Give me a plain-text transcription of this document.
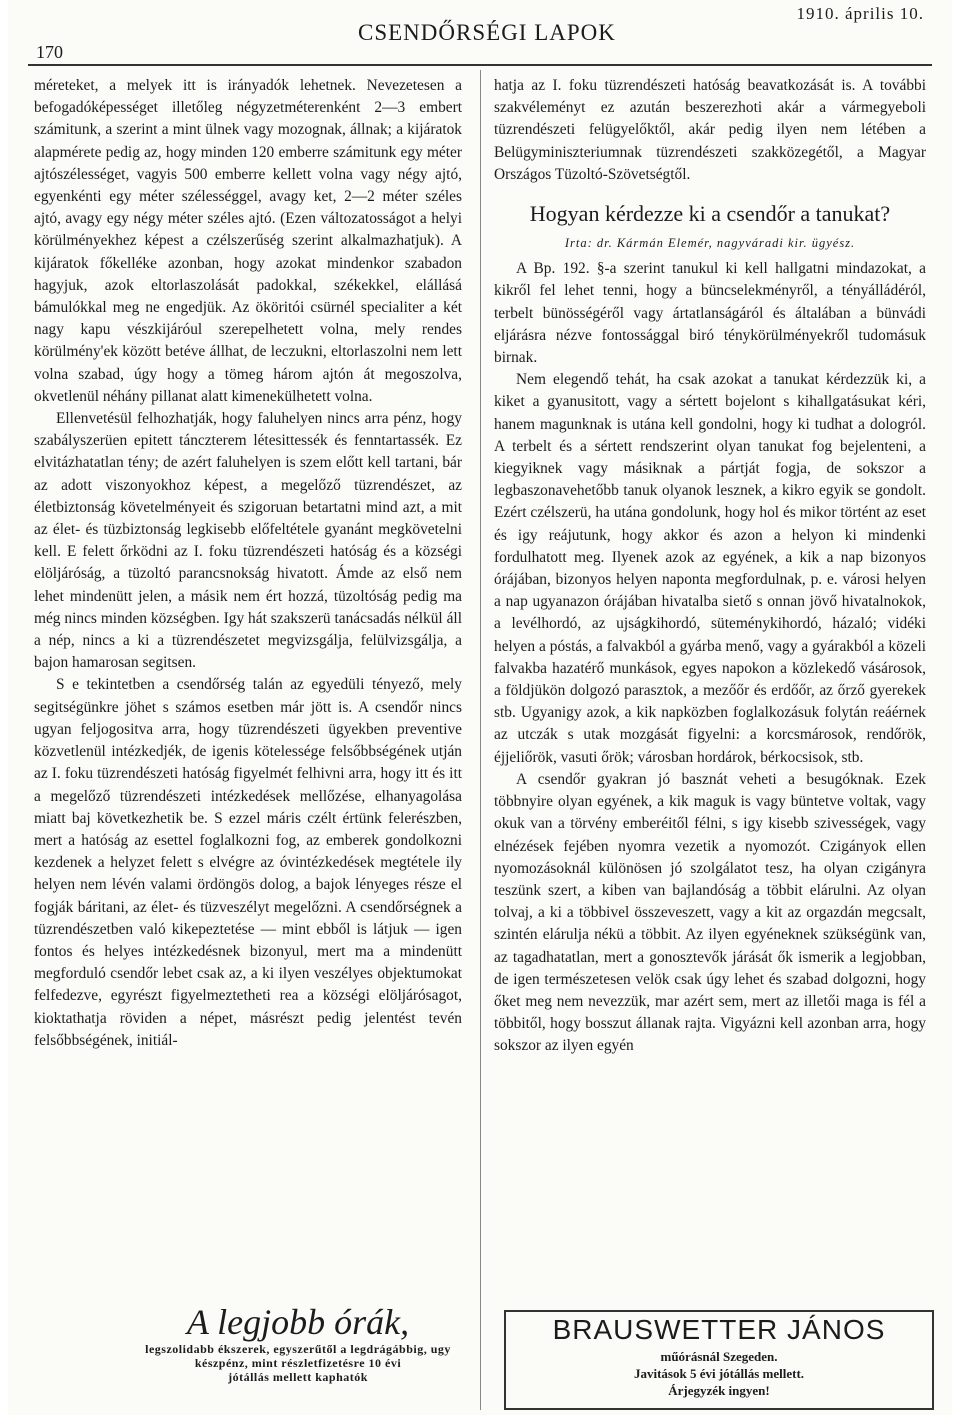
170
CSENDŐRSÉGI LAPOK
1910. április 10.

méreteket, a melyek itt is irányadók lehetnek. Nevezetesen a befogadóképességet illetőleg négyzetméterenként 2—3 embert számitunk, a szerint a mint ülnek vagy mozognak, állnak; a kijáratok alapmérete pedig az, hogy minden 120 emberre számitunk egy méter ajtószélességet, vagyis 500 emberre kellett volna vagy négy ajtó, egyenkénti egy méter szélességgel, avagy ket, 2—2 méter széles ajtó, avagy egy négy méter széles ajtó. (Ezen változatosságot a helyi körülményekhez képest a czélszerűség szerint alkalmazhatjuk). A kijáratok főkelléke azonban, hogy azokat mindenkor szabadon hagyjuk, azok eltorlaszolását padokkal, székekkel, elállásá bámulókkal meg ne engedjük. Az ököritói csürnél specialiter a két nagy kapu vészkijáróul szerepelhetett volna, mely rendes körülmény'ek között betéve állhat, de leczukni, eltorlaszolni nem lett volna szabad, úgy hogy a tömeg három ajtón át megoszolva, okvetlenül néhány pillanat alatt kimenekülhetett volna.

Ellenvetésül felhozhatják, hogy faluhelyen nincs arra pénz, hogy szabályszerüen epitett tánczterem létesittessék és fenntartassék. Ez elvitázhatatlan tény; de azért faluhelyen is szem előtt kell tartani, bár az adott viszonyokhoz képest, a megelőző tüzrendészet, az életbiztonság követelményeit és szigoruan betartatni mind azt, a mit az élet- és tüzbiztonság legkisebb előfeltétele gyanánt megkövetelni kell. E felett őrködni az I. foku tüzrendészeti hatóság és a községi elöljáróság, a tüzoltó parancsnokság hivatott. Ámde az első nem lehet mindenütt jelen, a másik nem ért hozzá, tüzoltóság pedig ma még nincs minden községben. Igy hát szakszerü tanácsadás nélkül áll a nép, nincs a ki a tüzrendészetet megvizsgálja, felülvizsgálja, a bajon hamarosan segitsen.

S e tekintetben a csendőrség talán az egyedüli tényező, mely segitségünkre jöhet s számos esetben már jött is. A csendőr nincs ugyan feljogositva arra, hogy tüzrendészeti ügyekben preventive közvetlenül intézkedjék, de igenis kötelessége felsőbbségének utján az I. foku tüzrendészeti hatóság figyelmét felhivni arra, hogy itt és itt a megelőző tüzrendészeti intézkedések mellőzése, elhanyagolása miatt baj következhetik be. S ezzel máris czélt értünk felerészben, mert a hatóság az esettel foglalkozni fog, az emberek gondolkozni kezdenek a helyzet felett s elvégre az óvintézkedések megtétele ily helyen nem lévén valami ördöngös dolog, a bajok lényeges része el fogják báritani, az élet- és tüzveszélyt megelőzni. A csendőrségnek a tüzrendészetben való kikepeztetése — mint ebből is látjuk — igen fontos és helyes intézkedésnek bizonyul, mert ma a mindenütt megforduló csendőr lebet csak az, a ki ilyen veszélyes objektumokat felfedezve, egyrészt figyelmeztetheti rea a községi elöljárósagot, kioktathatja röviden a népet, másrészt pedig jelentést tevén felsőbbségének, initiál-

hatja az I. foku tüzrendészeti hatóság beavatkozását is. A további szakvéleményt ez azután beszerezhoti akár a vármegyeboli tüzrendészeti felügyelőktől, akár pedig ilyen nem létében a Belügyminiszteriumnak tüzrendészeti szakközegétől, a Magyar Országos Tüzoltó-Szövetségtől.

Hogyan kérdezze ki a csendőr a tanukat?
Irta: dr. Kármán Elemér, nagyváradi kir. ügyész.

A Bp. 192. §-a szerint tanukul ki kell hallgatni mindazokat, a kikről fel lehet tenni, hogy a büncselekményről, a tényálládéról, terbelt bünösségéről vagy ártatlanságáról és általában a bünvádi eljárásra nézve fontossággal biró ténykörülményekről tudomásuk birnak.

Nem elegendő tehát, ha csak azokat a tanukat kérdezzük ki, a kiket a gyanusitott, vagy a sértett bojelont s kihallgatásukat kéri, hanem magunknak is utána kell gondolni, hogy ki tudhat a dologról. A terbelt és a sértett rendszerint olyan tanukat fog bejelenteni, a kiegyiknek vagy másiknak a pártját fogja, de sokszor a legbaszonavehetőbb tanuk olyanok lesznek, a kikro egyik se gondolt. Ezért czélszerü, ha utána gondolunk, hogy hol és mikor történt az eset és igy reájutunk, hogy akkor és azon a helyon ki mindenki fordulhatott meg. Ilyenek azok az egyének, a kik a nap bizonyos órájában, bizonyos helyen naponta megfordulnak, p. e. városi helyen a nap ugyanazon órájában hivatalba siető s onnan jövő hivatalnokok, a levélhordó, az ujságkihordó, süteménykihordó, házaló; vidéki helyen a póstás, a falvakból a gyárba menő, vagy a gyárakból a közeli falvakba hazatérő munkások, egyes napokon a közlekedő vásárosok, a földjükön dolgozó parasztok, a mezőőr és erdőőr, az őrző gyerekek stb. Ugyanigy azok, a kik napközben foglalkozásuk folytán reáérnek az utczák s utak mozgását figyelni: a korcsmárosok, rendőrök, éjjeliőrök, vasuti őrök; városban hordárok, bérkocsisok, stb.

A csendőr gyakran jó basznát veheti a besugóknak. Ezek többnyire olyan egyének, a kik maguk is vagy büntetve voltak, vagy okuk van a törvény emberéitől félni, s igy kisebb szivességek, vagy elnézések fejében nyomra vezetik a nyomozót. Czigányok ellen nyomozásoknál különösen jó szolgálatot tesz, ha olyan czigányra teszünk szert, a kiben van bajlandóság a többit elárulni. Az olyan tolvaj, a ki a többivel összeveszett, vagy a kit az orgazdán megcsalt, szintén elárulja nékü a többit. Az ilyen egyéneknek szükségünk van, az tagadhatatlan, mert a gonosztevők járását ők ismerik a legjobban, de igen természetesen velök csak úgy lehet és szabad dolgozni, hogy őket meg nem nevezzük, mar azért sem, mert az illetői maga is fél a többitől, hogy bosszut állanak rajta. Vigyázni kell azonban arra, hogy sokszor az ilyen egyén

A legjobb órák,
legszolidabb ékszerek, egyszerűtől a legdrágábbig, ugy készpénz, mint részletfizetésre 10 évi
jótállás mellett kaphatók
BRAUSWETTER JÁNOS
műórásnál Szegeden.
Javitások 5 évi jótállás mellett.
Árjegyzék ingyen!
